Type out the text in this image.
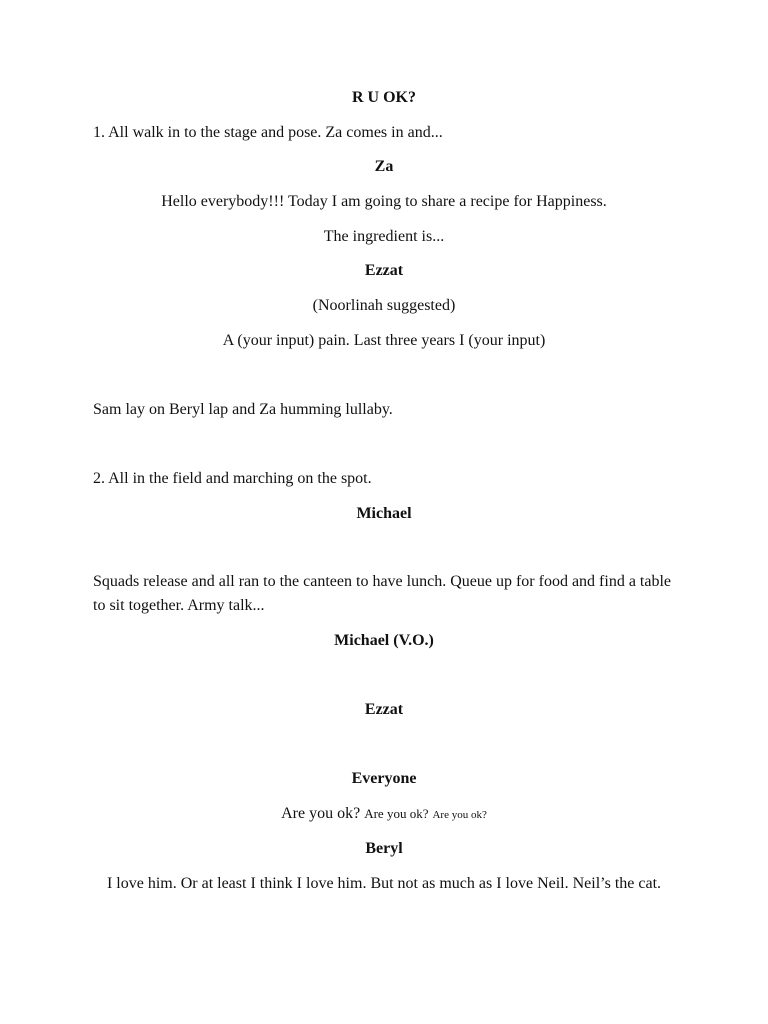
R U OK?
1. All walk in to the stage and pose. Za comes in and...
Za
Hello everybody!!! Today I am going to share a recipe for Happiness.
The ingredient is...
Ezzat
(Noorlinah suggested)
A (your input) pain. Last three years I (your input)
Sam lay on Beryl lap and Za humming lullaby.
2. All in the field and marching on the spot.
Michael
Squads release and all ran to the canteen to have lunch. Queue up for food and find a table to sit together. Army talk...
Michael (V.O.)
Ezzat
Everyone
Are you ok? Are you ok? Are you ok?
Beryl
I love him. Or at least I think I love him. But not as much as I love Neil. Neil’s the cat.
